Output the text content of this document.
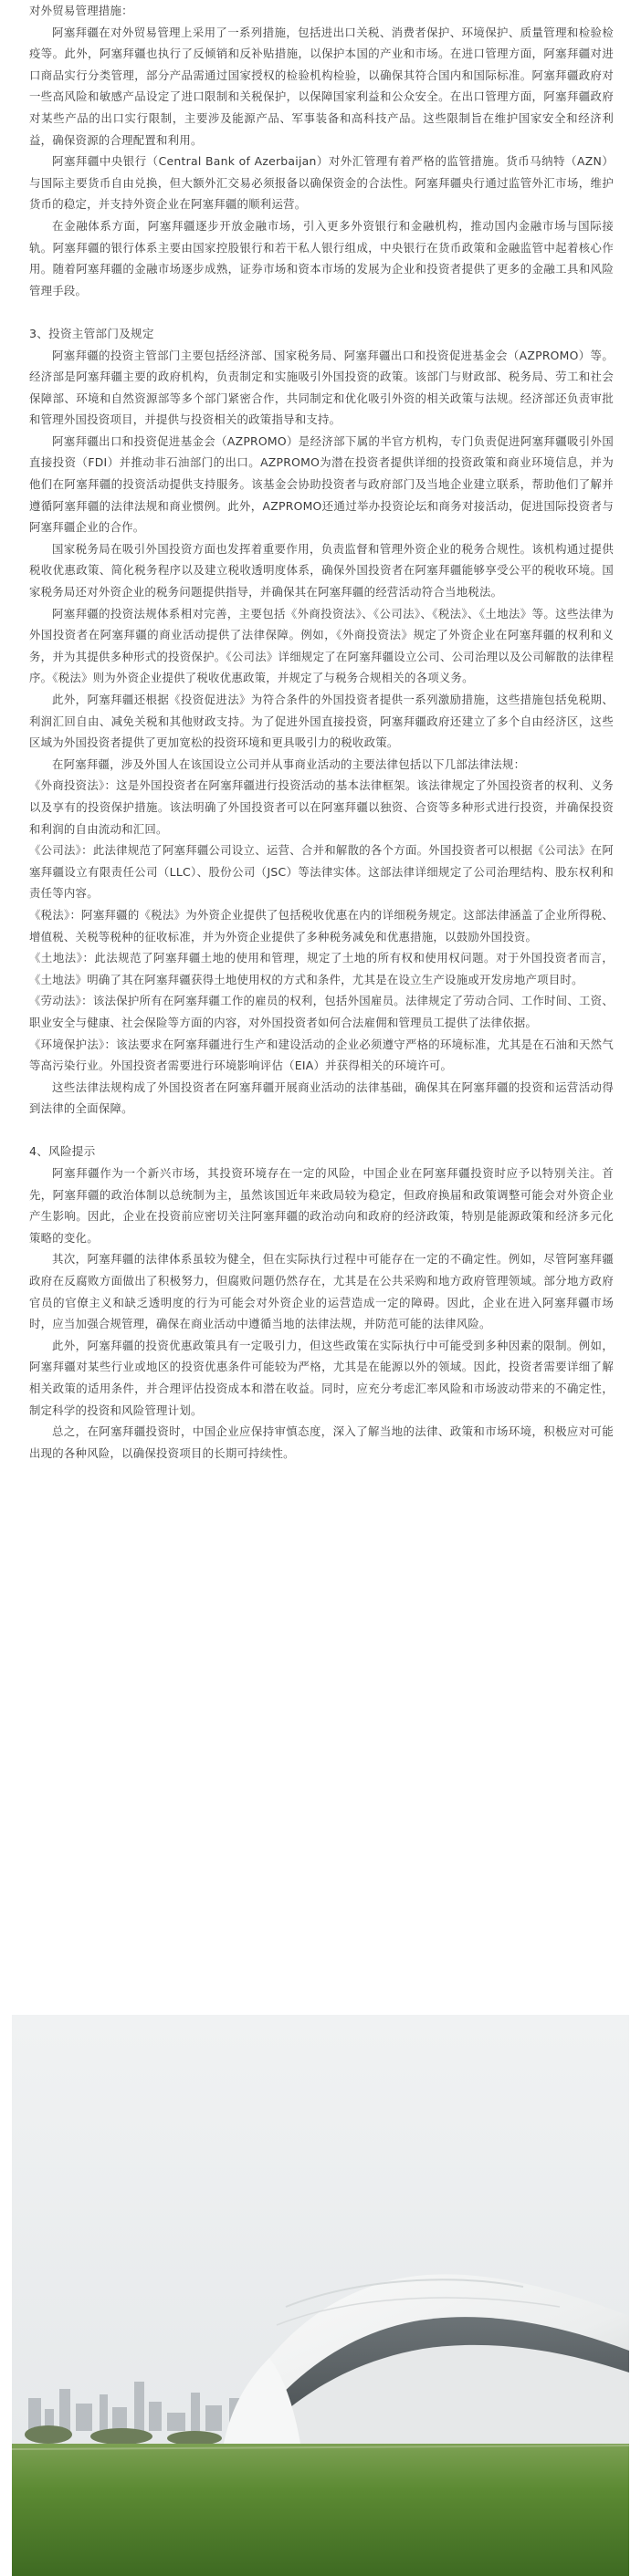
对外贸易管理措施：

阿塞拜疆在对外贸易管理上采用了一系列措施，包括进出口关税、消费者保护、环境保护、质量管理和检验检疫等。此外，阿塞拜疆也执行了反倾销和反补贴措施，以保护本国的产业和市场。在进口管理方面，阿塞拜疆对进口商品实行分类管理，部分产品需通过国家授权的检验机构检验，以确保其符合国内和国际标准。阿塞拜疆政府对一些高风险和敏感产品设定了进口限制和关税保护，以保障国家利益和公众安全。在出口管理方面，阿塞拜疆政府对某些产品的出口实行限制，主要涉及能源产品、军事装备和高科技产品。这些限制旨在维护国家安全和经济利益，确保资源的合理配置和利用。

阿塞拜疆中央银行（Central Bank of Azerbaijan）对外汇管理有着严格的监管措施。货币马纳特（AZN）与国际主要货币自由兑换，但大额外汇交易必须报备以确保资金的合法性。阿塞拜疆央行通过监管外汇市场，维护货币的稳定，并支持外资企业在阿塞拜疆的顺利运营。

在金融体系方面，阿塞拜疆逐步开放金融市场，引入更多外资银行和金融机构，推动国内金融市场与国际接轨。阿塞拜疆的银行体系主要由国家控股银行和若干私人银行组成，中央银行在货币政策和金融监管中起着核心作用。随着阿塞拜疆的金融市场逐步成熟，证券市场和资本市场的发展为企业和投资者提供了更多的金融工具和风险管理手段。

3、投资主管部门及规定

阿塞拜疆的投资主管部门主要包括经济部、国家税务局、阿塞拜疆出口和投资促进基金会（AZPROMO）等。经济部是阿塞拜疆主要的政府机构，负责制定和实施吸引外国投资的政策。该部门与财政部、税务局、劳工和社会保障部、环境和自然资源部等多个部门紧密合作，共同制定和优化吸引外资的相关政策与法规。经济部还负责审批和管理外国投资项目，并提供与投资相关的政策指导和支持。

阿塞拜疆出口和投资促进基金会（AZPROMO）是经济部下属的半官方机构，专门负责促进阿塞拜疆吸引外国直接投资（FDI）并推动非石油部门的出口。AZPROMO为潜在投资者提供详细的投资政策和商业环境信息，并为他们在阿塞拜疆的投资活动提供支持服务。该基金会协助投资者与政府部门及当地企业建立联系，帮助他们了解并遵循阿塞拜疆的法律法规和商业惯例。此外，AZPROMO还通过举办投资论坛和商务对接活动，促进国际投资者与阿塞拜疆企业的合作。

国家税务局在吸引外国投资方面也发挥着重要作用，负责监督和管理外资企业的税务合规性。该机构通过提供税收优惠政策、简化税务程序以及建立税收透明度体系，确保外国投资者在阿塞拜疆能够享受公平的税收环境。国家税务局还对外资企业的税务问题提供指导，并确保其在阿塞拜疆的经营活动符合当地税法。

阿塞拜疆的投资法规体系相对完善，主要包括《外商投资法》、《公司法》、《税法》、《土地法》等。这些法律为外国投资者在阿塞拜疆的商业活动提供了法律保障。例如，《外商投资法》规定了外资企业在阿塞拜疆的权利和义务，并为其提供多种形式的投资保护。《公司法》详细规定了在阿塞拜疆设立公司、公司治理以及公司解散的法律程序。《税法》则为外资企业提供了税收优惠政策，并规定了与税务合规相关的各项义务。

此外，阿塞拜疆还根据《投资促进法》为符合条件的外国投资者提供一系列激励措施，这些措施包括免税期、利润汇回自由、减免关税和其他财政支持。为了促进外国直接投资，阿塞拜疆政府还建立了多个自由经济区，这些区域为外国投资者提供了更加宽松的投资环境和更具吸引力的税收政策。

在阿塞拜疆，涉及外国人在该国设立公司并从事商业活动的主要法律包括以下几部法律法规：

《外商投资法》：这是外国投资者在阿塞拜疆进行投资活动的基本法律框架。该法律规定了外国投资者的权利、义务以及享有的投资保护措施。该法明确了外国投资者可以在阿塞拜疆以独资、合资等多种形式进行投资，并确保投资和利润的自由流动和汇回。

《公司法》：此法律规范了阿塞拜疆公司设立、运营、合并和解散的各个方面。外国投资者可以根据《公司法》在阿塞拜疆设立有限责任公司（LLC）、股份公司（JSC）等法律实体。这部法律详细规定了公司治理结构、股东权利和责任等内容。

《税法》：阿塞拜疆的《税法》为外资企业提供了包括税收优惠在内的详细税务规定。这部法律涵盖了企业所得税、增值税、关税等税种的征收标准，并为外资企业提供了多种税务减免和优惠措施，以鼓励外国投资。

《土地法》：此法规范了阿塞拜疆土地的使用和管理，规定了土地的所有权和使用权问题。对于外国投资者而言，《土地法》明确了其在阿塞拜疆获得土地使用权的方式和条件，尤其是在设立生产设施或开发房地产项目时。

《劳动法》：该法保护所有在阿塞拜疆工作的雇员的权利，包括外国雇员。法律规定了劳动合同、工作时间、工资、职业安全与健康、社会保险等方面的内容，对外国投资者如何合法雇佣和管理员工提供了法律依据。

《环境保护法》：该法要求在阿塞拜疆进行生产和建设活动的企业必须遵守严格的环境标准，尤其是在石油和天然气等高污染行业。外国投资者需要进行环境影响评估（EIA）并获得相关的环境许可。

这些法律法规构成了外国投资者在阿塞拜疆开展商业活动的法律基础，确保其在阿塞拜疆的投资和运营活动得到法律的全面保障。

4、风险提示

阿塞拜疆作为一个新兴市场，其投资环境存在一定的风险，中国企业在阿塞拜疆投资时应予以特别关注。首先，阿塞拜疆的政治体制以总统制为主，虽然该国近年来政局较为稳定，但政府换届和政策调整可能会对外资企业产生影响。因此，企业在投资前应密切关注阿塞拜疆的政治动向和政府的经济政策，特别是能源政策和经济多元化策略的变化。

其次，阿塞拜疆的法律体系虽较为健全，但在实际执行过程中可能存在一定的不确定性。例如，尽管阿塞拜疆政府在反腐败方面做出了积极努力，但腐败问题仍然存在，尤其是在公共采购和地方政府管理领域。部分地方政府官员的官僚主义和缺乏透明度的行为可能会对外资企业的运营造成一定的障碍。因此，企业在进入阿塞拜疆市场时，应当加强合规管理，确保在商业活动中遵循当地的法律法规，并防范可能的法律风险。

此外，阿塞拜疆的投资优惠政策具有一定吸引力，但这些政策在实际执行中可能受到多种因素的限制。例如，阿塞拜疆对某些行业或地区的投资优惠条件可能较为严格，尤其是在能源以外的领域。因此，投资者需要详细了解相关政策的适用条件，并合理评估投资成本和潜在收益。同时，应充分考虑汇率风险和市场波动带来的不确定性，制定科学的投资和风险管理计划。

总之，在阿塞拜疆投资时，中国企业应保持审慎态度，深入了解当地的法律、政策和市场环境，积极应对可能出现的各种风险，以确保投资项目的长期可持续性。
